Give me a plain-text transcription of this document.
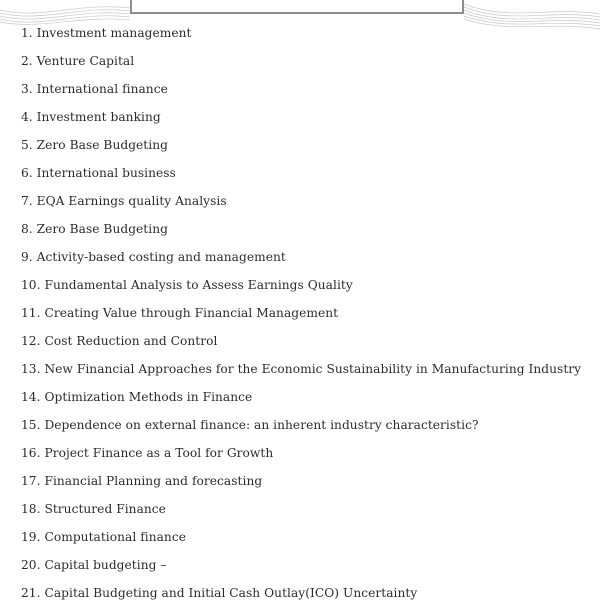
1. Investment management
2. Venture Capital
3. International finance
4. Investment banking
5. Zero Base Budgeting
6. International business
7. EQA Earnings quality Analysis
8. Zero Base Budgeting
9. Activity-based costing and management
10. Fundamental Analysis to Assess Earnings Quality
11. Creating Value through Financial Management
12. Cost Reduction and Control
13. New Financial Approaches for the Economic Sustainability in Manufacturing Industry
14. Optimization Methods in Finance
15. Dependence on external finance: an inherent industry characteristic?
16. Project Finance as a Tool for Growth
17. Financial Planning and forecasting
18. Structured Finance
19. Computational finance
20. Capital budgeting –
21. Capital Budgeting and Initial Cash Outlay(ICO) Uncertainty
